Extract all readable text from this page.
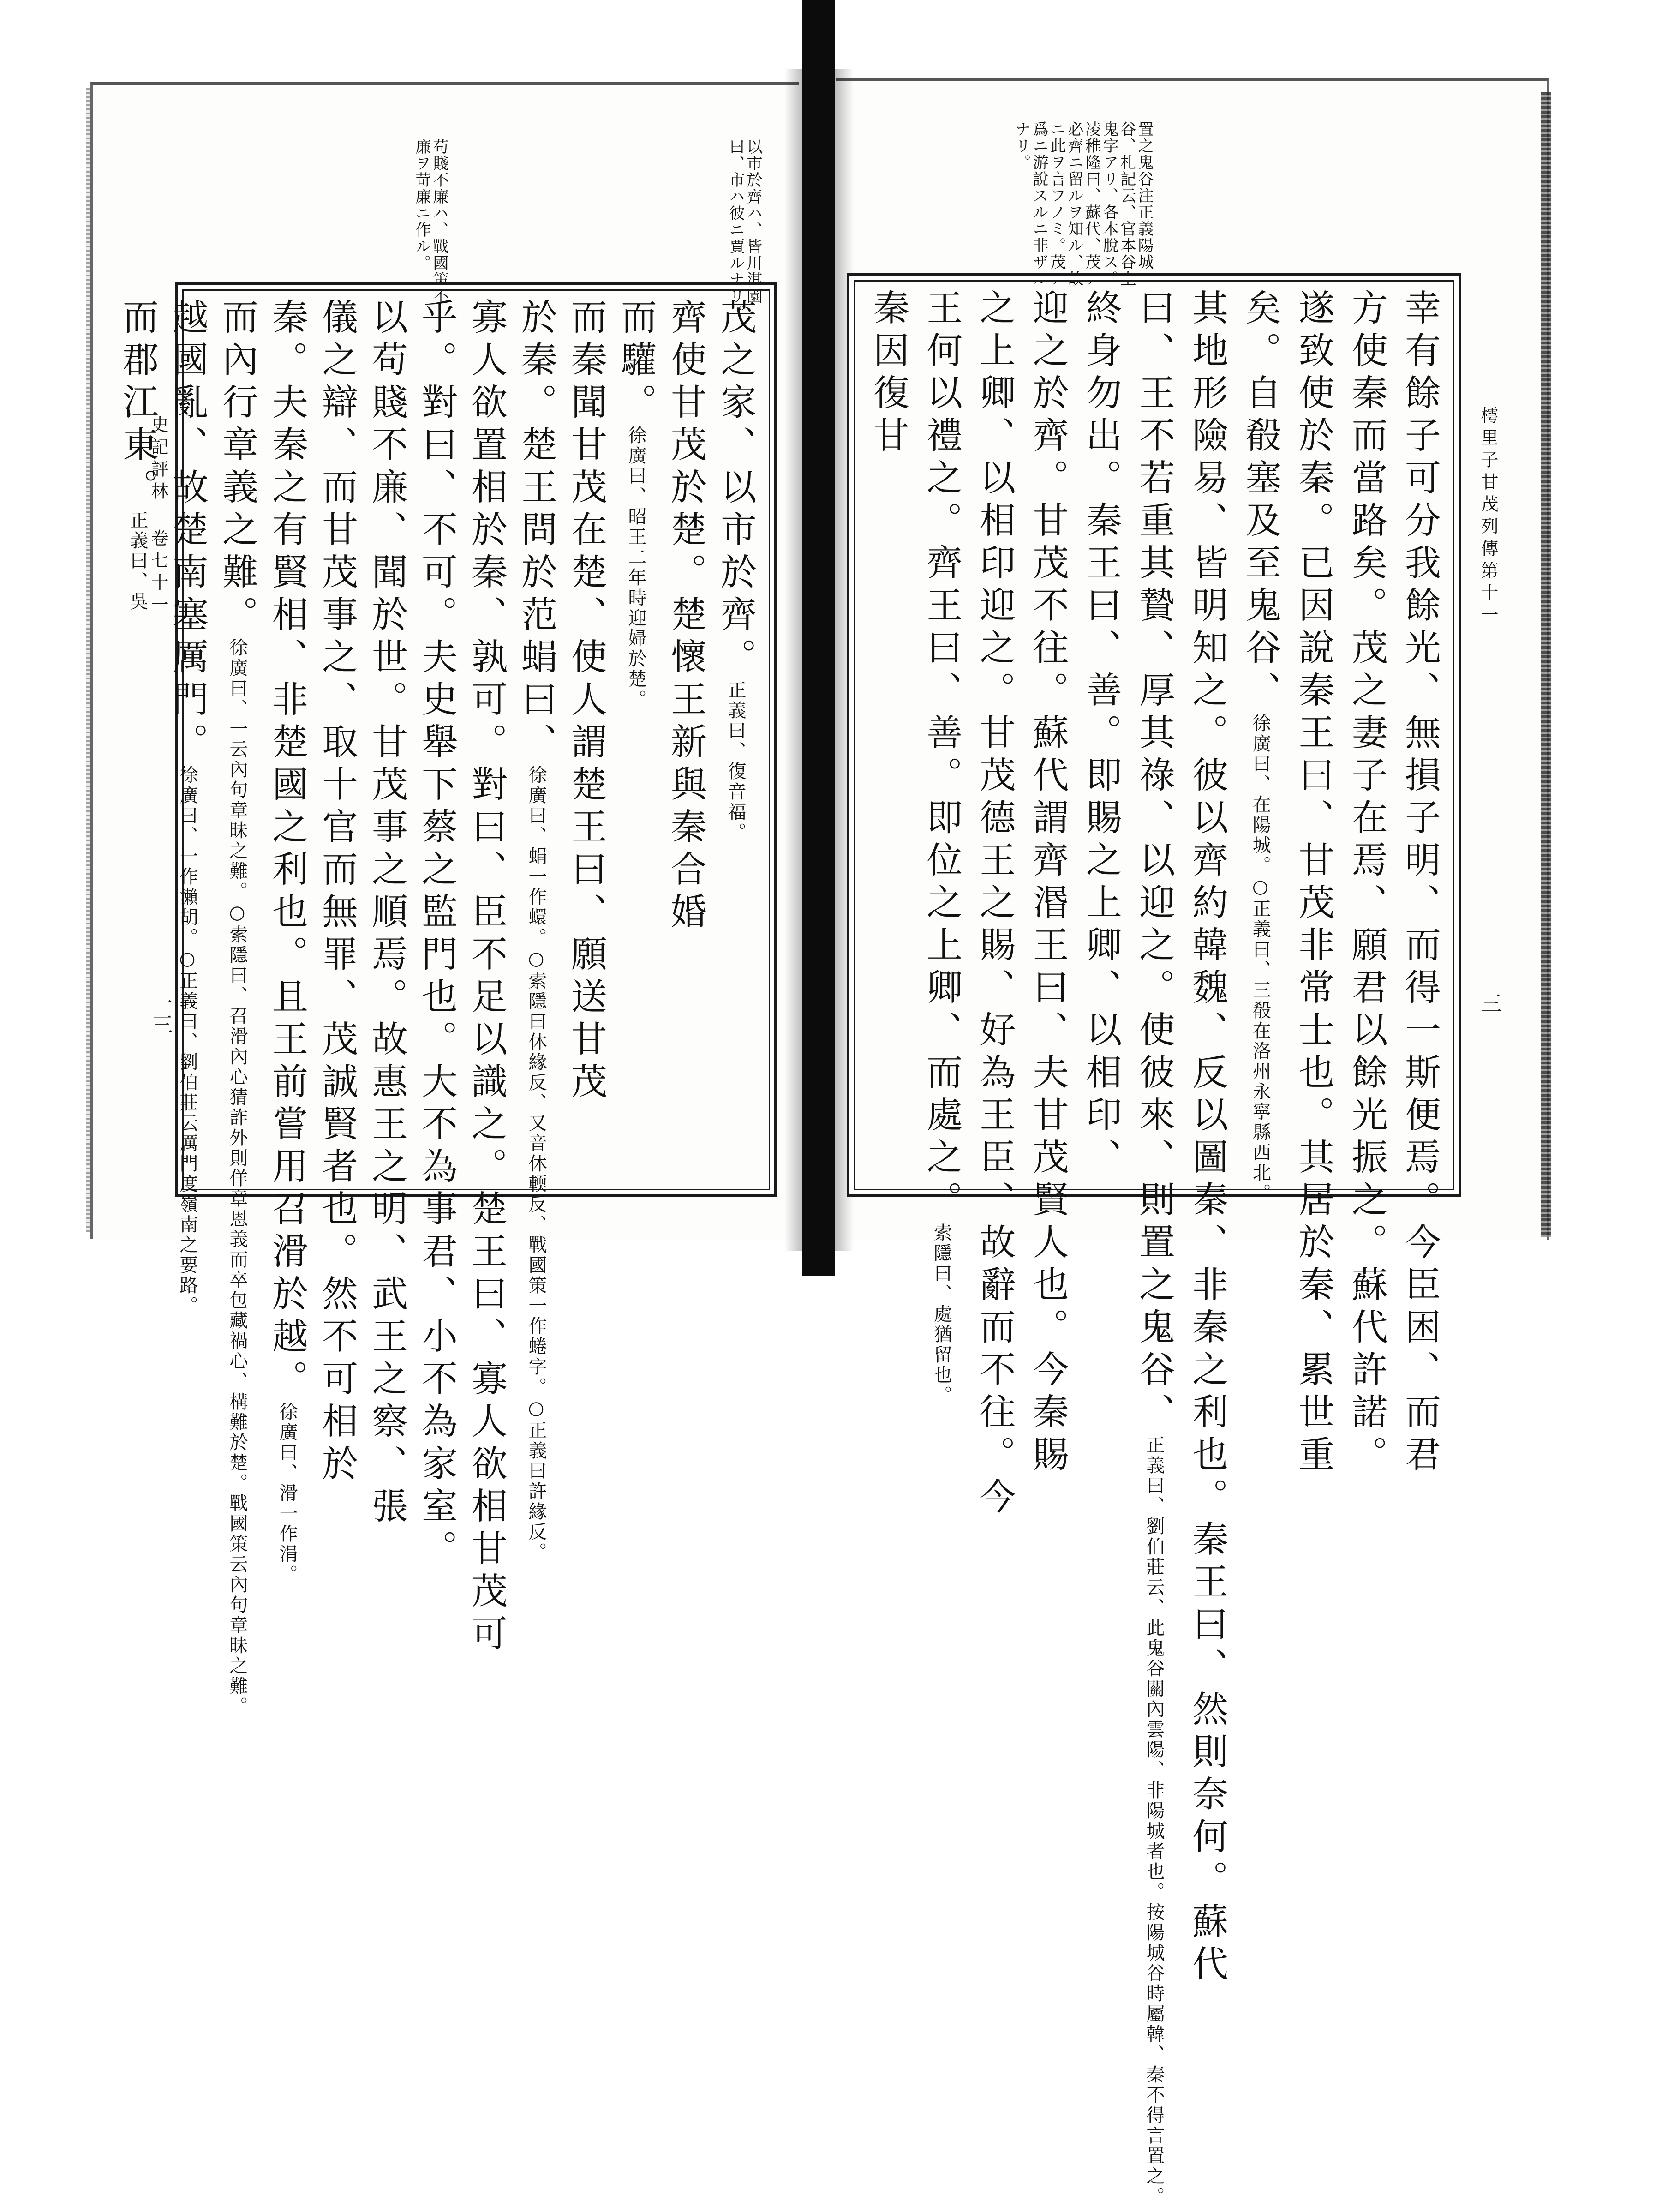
以市於齊ハ、皆川淇園
曰、市ハ彼ニ賈ルナリ。
苟賤不廉ハ、戰國策不
廉ヲ苛廉ニ作ル。
茂之家、以市於齊。正義曰、復音福。
齊使甘茂於楚。楚懷王新與秦合婚
而驩。徐廣曰、昭王二年時迎婦於楚。
而秦聞甘茂在楚、使人謂楚王曰、願送甘茂
於秦。楚王問於范蜎曰、徐廣曰、蜎一作蠉。○索隱曰休緣反、又音休輭反、戰國策一作蜷字。○正義曰許緣反。
寡人欲置相於秦、孰可。對曰、臣不足以識之。楚王曰、寡人欲相甘茂可
乎。對曰、不可。夫史舉下蔡之監門也。大不為事君、小不為家室。
以苟賤不廉、聞於世。甘茂事之順焉。故惠王之明、武王之察、張
儀之辯、而甘茂事之、取十官而無罪、茂誠賢者也。然不可相於
秦。夫秦之有賢相、非楚國之利也。且王前嘗用召滑於越。徐廣曰、滑一作涓。
而內行章義之難。徐廣曰、一云內句章昧之難。○索隱曰、召滑內心猜詐外則佯章恩義而卒包藏禍心、構難於楚。戰國策云內句章昧之難。
越國亂、故楚南塞厲門。徐廣曰、一作瀨胡。○正義曰、劉伯莊云厲門度嶺南之要路。
而郡江東。正義曰、吳 史記評林 卷七十一
一三
置之鬼谷注正義陽城
谷、札記云、官本谷上
鬼字アリ、各本脫ス。
凌稚隆曰、蘇代、茂ノ
必齊ニ留ルヲ知ル、故
ニ此ヲ言フノミ。茂ノ
爲ニ游說スルニ非ザル
ナリ。
幸有餘子可分我餘光、無損子明、而得一斯便焉。今臣困、而君
方使秦而當路矣。茂之妻子在焉、願君以餘光振之。蘇代許諾。
遂致使於秦。已因說秦王曰、甘茂非常士也。其居於秦、累世重
矣。自殽塞及至鬼谷、徐廣曰、在陽城。○正義曰、三殽在洛州永寧縣西北。
其地形險易、皆明知之。彼以齊約韓魏、反以圖秦、非秦之利也。秦王曰、然則奈何。蘇代
曰、王不若重其贄、厚其祿、以迎之。使彼來、則置之鬼谷、正義曰、劉伯莊云、此鬼谷關內雲陽、非陽城者也。按陽城谷時屬韓、秦不得言置之。
終身勿出。秦王曰、善。即賜之上卿、以相印、
迎之於齊。甘茂不往。蘇代謂齊湣王曰、夫甘茂賢人也。今秦賜
之上卿、以相印迎之。甘茂德王之賜、好為王臣、故辭而不往。今
王何以禮之。齊王曰、善。即位之上卿、而處之。索隱曰、處猶留也。
秦因復甘
樗里子甘茂列傳第十一
三
